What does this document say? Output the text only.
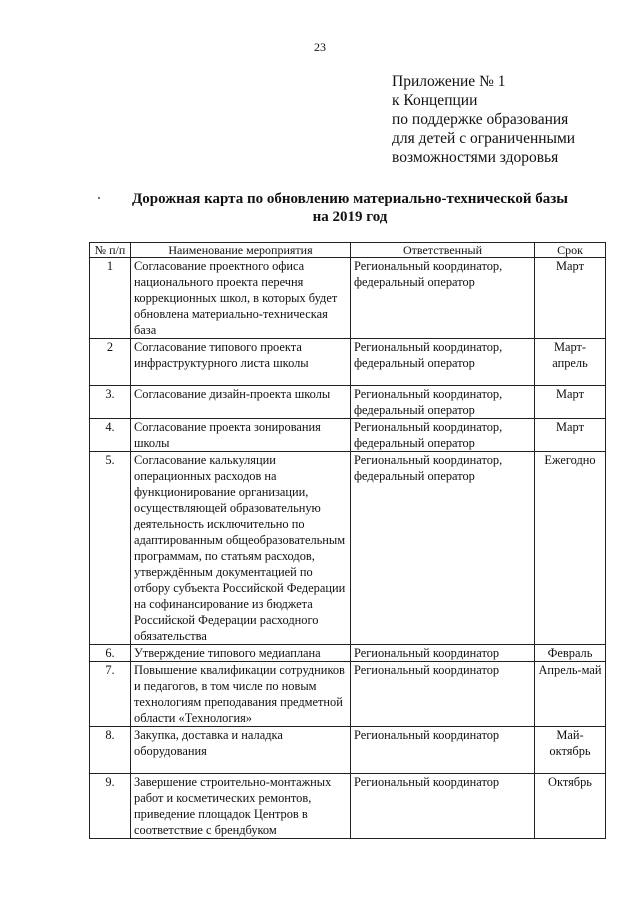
23
Приложение № 1
к Концепции
по поддержке образования
для детей с ограниченными
возможностями здоровья
Дорожная карта по обновлению материально-технической базы
на 2019 год
№ п/п	Наименование мероприятия	Ответственный	Срок
1	Согласование проектного офиса национального проекта перечня коррекционных школ, в которых будет обновлена материально-техническая база	Региональный координатор, федеральный оператор	Март
2	Согласование типового проекта инфраструктурного листа школы	Региональный координатор, федеральный оператор	Март-апрель
3.	Согласование дизайн-проекта школы	Региональный координатор, федеральный оператор	Март
4.	Согласование проекта зонирования школы	Региональный координатор, федеральный оператор	Март
5.	Согласование калькуляции операционных расходов на функционирование организации, осуществляющей образовательную деятельность исключительно по адаптированным общеобразовательным программам, по статьям расходов, утверждённым документацией по отбору субъекта Российской Федерации на софинансирование из бюджета Российской Федерации расходного обязательства	Региональный координатор, федеральный оператор	Ежегодно
6.	Утверждение типового медиаплана	Региональный координатор	Февраль
7.	Повышение квалификации сотрудников и педагогов, в том числе по новым технологиям преподавания предметной области «Технология»	Региональный координатор	Апрель-май
8.	Закупка, доставка и наладка оборудования	Региональный координатор	Май-октябрь
9.	Завершение строительно-монтажных работ и косметических ремонтов, приведение площадок Центров в соответствие с брендбуком	Региональный координатор	Октябрь
